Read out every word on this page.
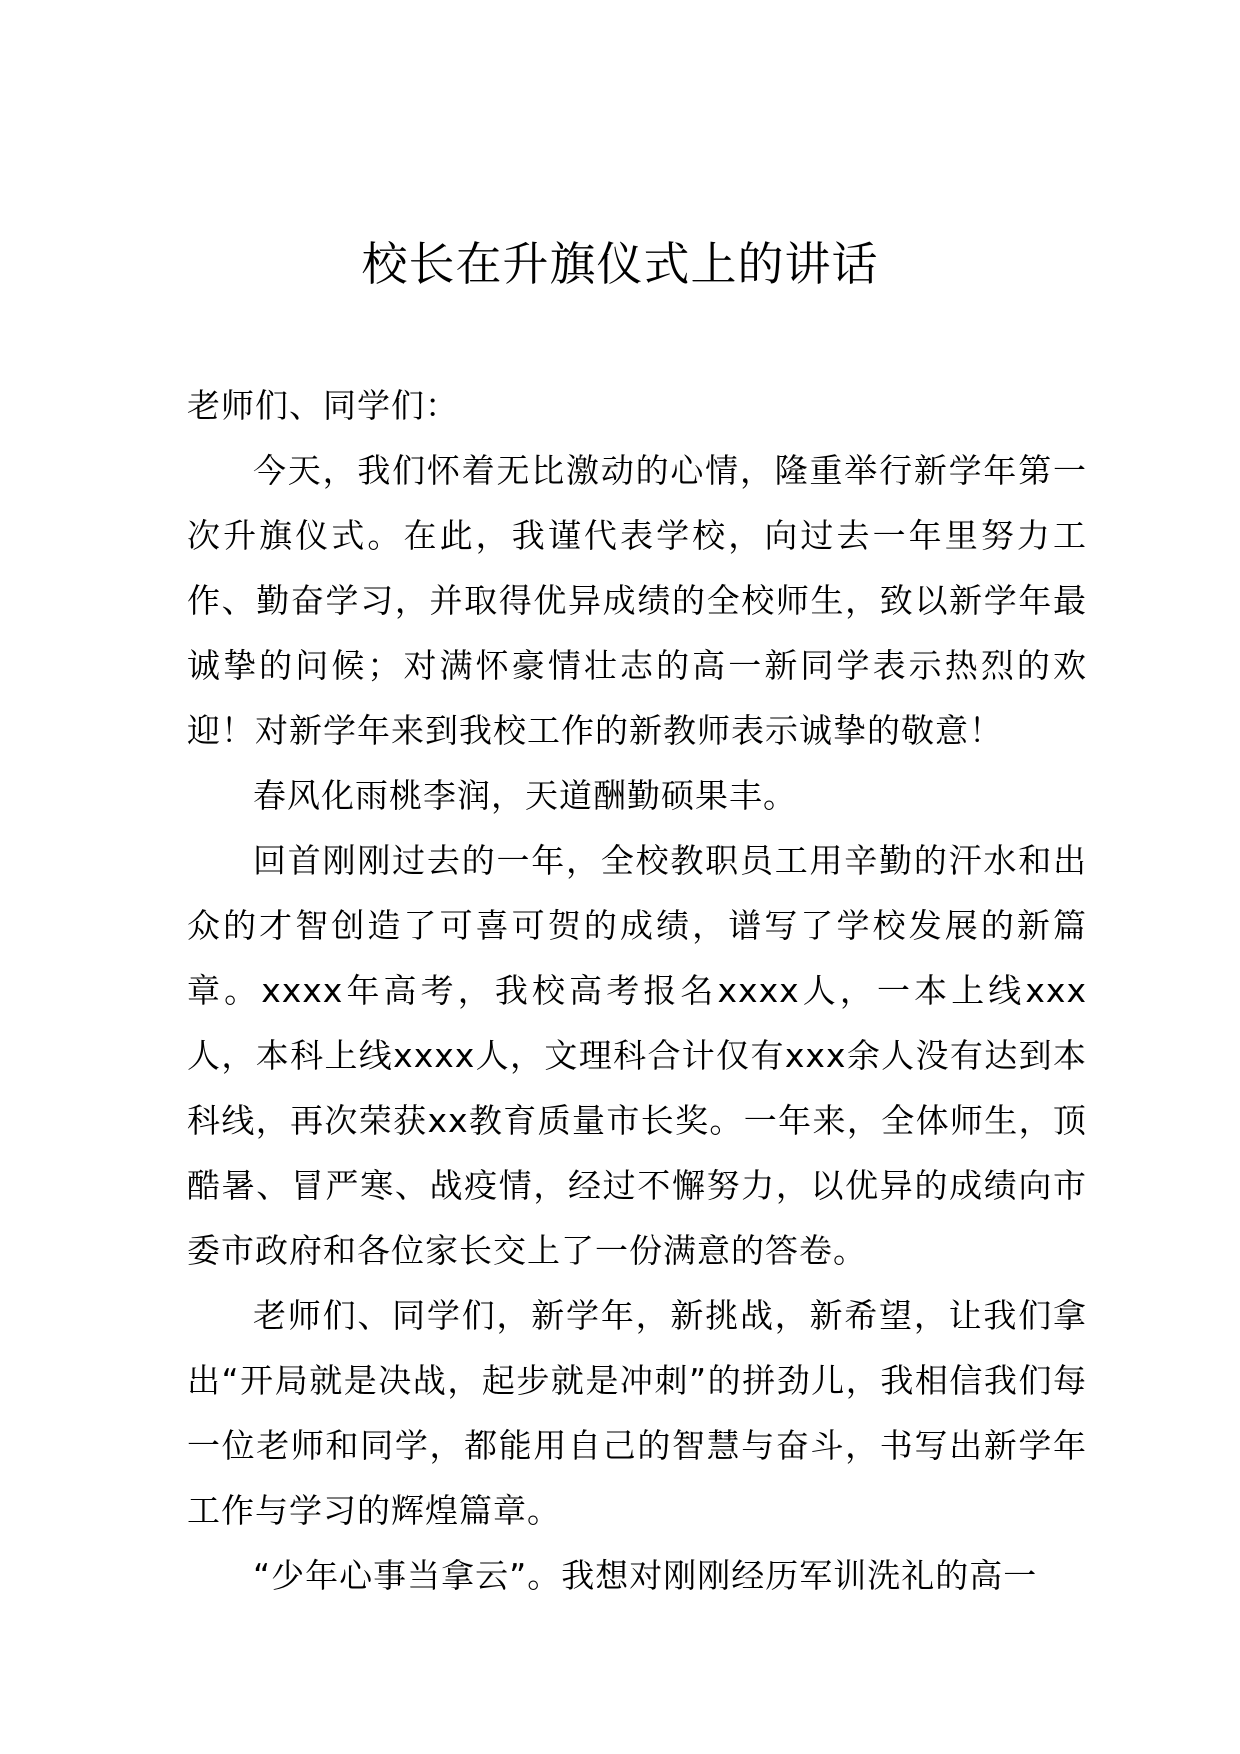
校长在升旗仪式上的讲话

老师们、同学们：

今天，我们怀着无比激动的心情，隆重举行新学年第一次升旗仪式。在此，我谨代表学校，向过去一年里努力工作、勤奋学习，并取得优异成绩的全校师生，致以新学年最诚挚的问候；对满怀豪情壮志的高一新同学表示热烈的欢迎！对新学年来到我校工作的新教师表示诚挚的敬意！

春风化雨桃李润，天道酬勤硕果丰。

回首刚刚过去的一年，全校教职员工用辛勤的汗水和出众的才智创造了可喜可贺的成绩，谱写了学校发展的新篇章。xxxx年高考，我校高考报名xxxx人，一本上线xxx人，本科上线xxxx人，文理科合计仅有xxx余人没有达到本科线，再次荣获xx教育质量市长奖。一年来，全体师生，顶酷暑、冒严寒、战疫情，经过不懈努力，以优异的成绩向市委市政府和各位家长交上了一份满意的答卷。

老师们、同学们，新学年，新挑战，新希望，让我们拿出“开局就是决战，起步就是冲刺”的拼劲儿，我相信我们每一位老师和同学，都能用自己的智慧与奋斗，书写出新学年工作与学习的辉煌篇章。

“少年心事当拿云”。我想对刚刚经历军训洗礼的高一
